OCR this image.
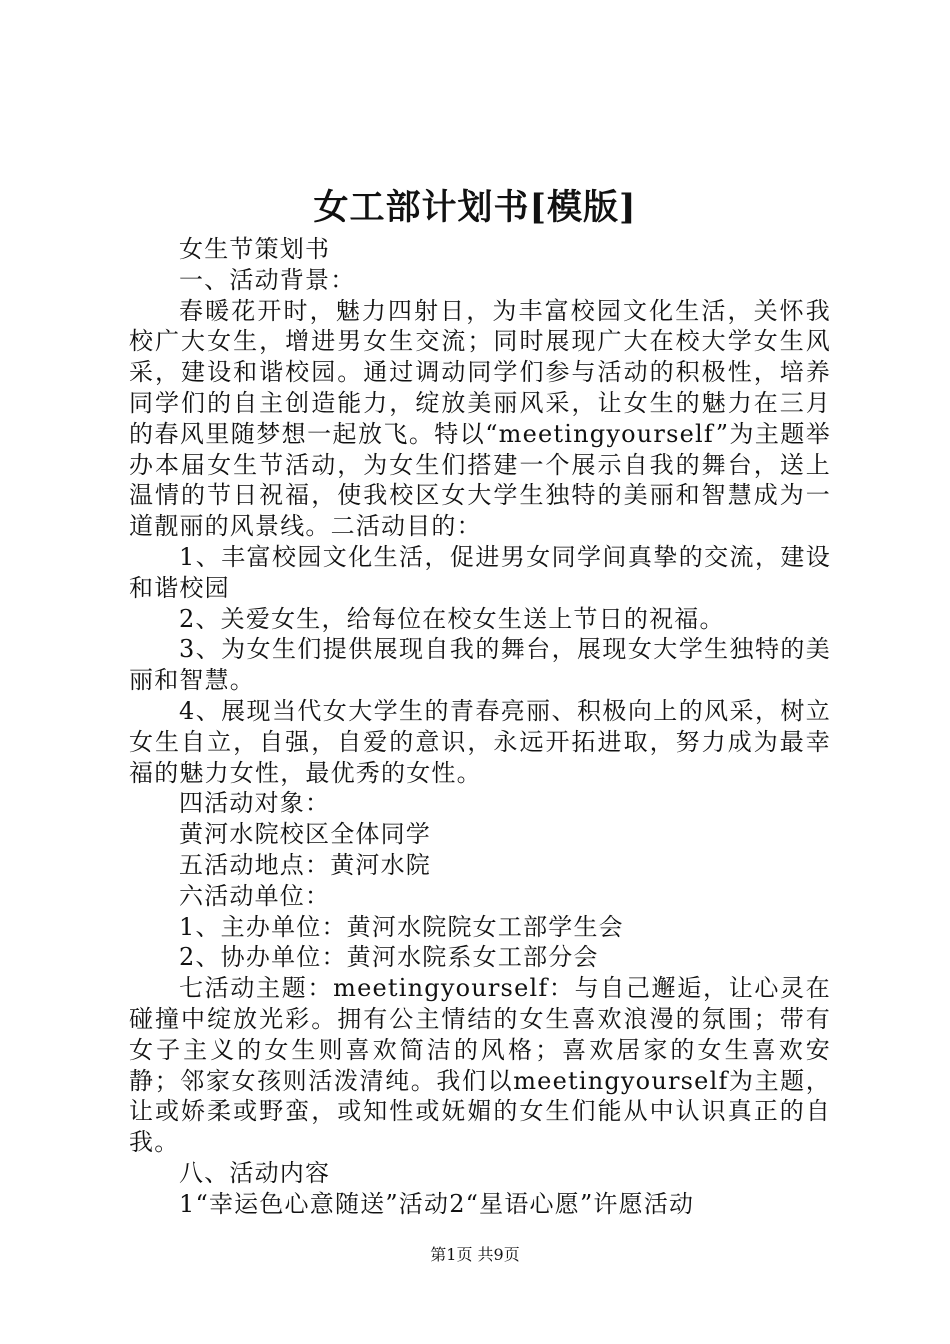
女工部计划书[模版]

女生节策划书

一、活动背景：

春暖花开时，魅力四射日，为丰富校园文化生活，关怀我校广大女生，增进男女生交流；同时展现广大在校大学女生风采，建设和谐校园。通过调动同学们参与活动的积极性，培养同学们的自主创造能力，绽放美丽风采，让女生的魅力在三月的春风里随梦想一起放飞。特以“meetingyourself”为主题举办本届女生节活动，为女生们搭建一个展示自我的舞台，送上温情的节日祝福，使我校区女大学生独特的美丽和智慧成为一道靓丽的风景线。二活动目的：

1、丰富校园文化生活，促进男女同学间真挚的交流，建设和谐校园

2、关爱女生，给每位在校女生送上节日的祝福。

3、为女生们提供展现自我的舞台，展现女大学生独特的美丽和智慧。

4、展现当代女大学生的青春亮丽、积极向上的风采，树立女生自立，自强，自爱的意识，永远开拓进取，努力成为最幸福的魅力女性，最优秀的女性。

四活动对象：

黄河水院校区全体同学

五活动地点：黄河水院

六活动单位：

1、主办单位：黄河水院院女工部学生会

2、协办单位：黄河水院系女工部分会

七活动主题：meetingyourself：与自己邂逅，让心灵在碰撞中绽放光彩。拥有公主情结的女生喜欢浪漫的氛围；带有女子主义的女生则喜欢简洁的风格；喜欢居家的女生喜欢安静；邻家女孩则活泼清纯。我们以meetingyourself为主题，让或娇柔或野蛮，或知性或妩媚的女生们能从中认识真正的自我。

八、活动内容

1“幸运色心意随送”活动2“星语心愿”许愿活动

第1页 共9页
